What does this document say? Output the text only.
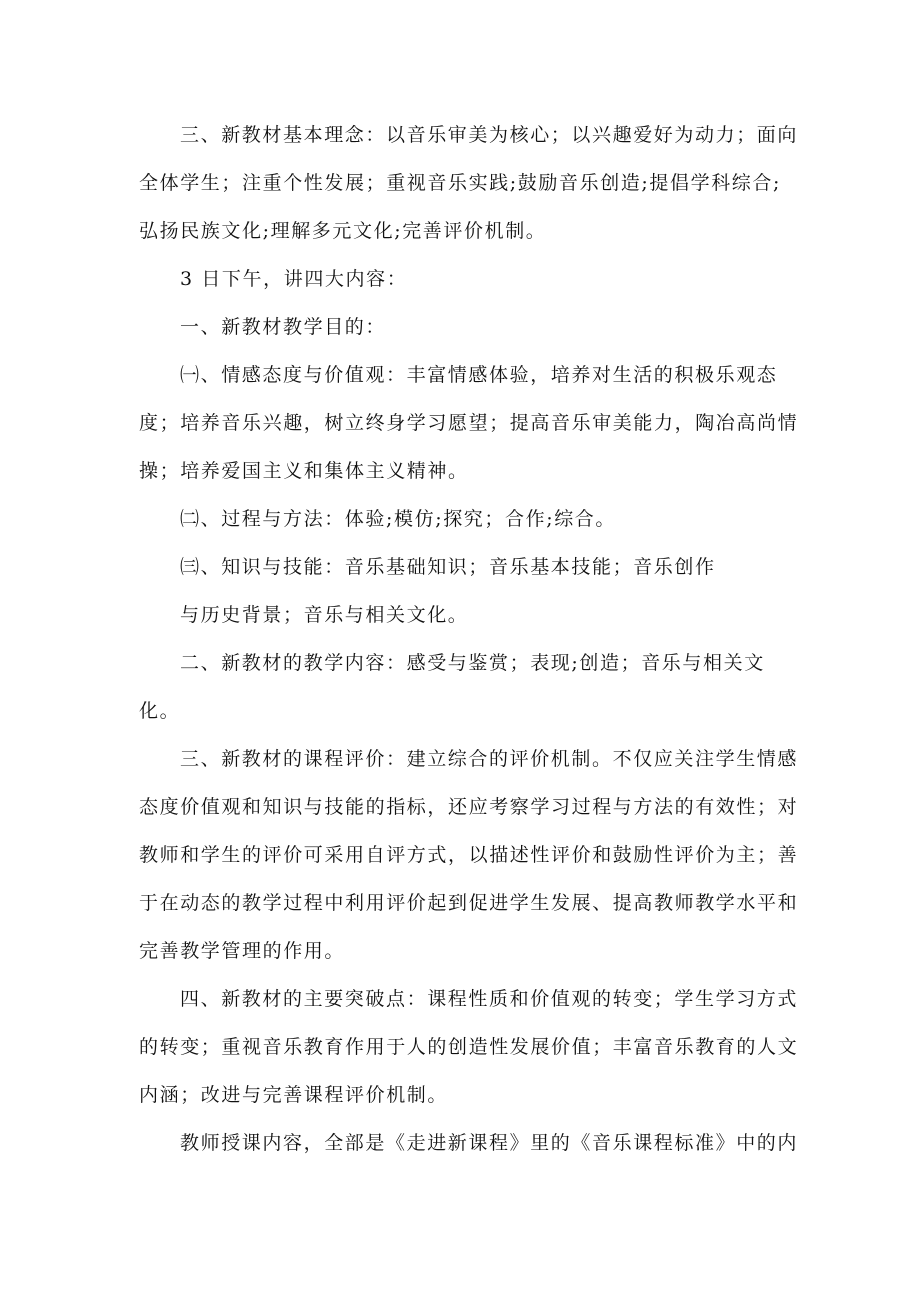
三、新教材基本理念：以音乐审美为核心；以兴趣爱好为动力；面向
全体学生；注重个性发展；重视音乐实践;鼓励音乐创造;提倡学科综合;
弘扬民族文化;理解多元文化;完善评价机制。
3 日下午，讲四大内容：
一、新教材教学目的：
㈠、情感态度与价值观：丰富情感体验，培养对生活的积极乐观态
度；培养音乐兴趣，树立终身学习愿望；提高音乐审美能力，陶冶高尚情
操；培养爱国主义和集体主义精神。
㈡、过程与方法：体验;模仿;探究；合作;综合。
㈢、知识与技能：音乐基础知识；音乐基本技能；音乐创作
与历史背景；音乐与相关文化。
二、新教材的教学内容：感受与鉴赏；表现;创造；音乐与相关文
化。
三、新教材的课程评价：建立综合的评价机制。不仅应关注学生情感
态度价值观和知识与技能的指标，还应考察学习过程与方法的有效性；对
教师和学生的评价可采用自评方式，以描述性评价和鼓励性评价为主；善
于在动态的教学过程中利用评价起到促进学生发展、提高教师教学水平和
完善教学管理的作用。
四、新教材的主要突破点：课程性质和价值观的转变；学生学习方式
的转变；重视音乐教育作用于人的创造性发展价值；丰富音乐教育的人文
内涵；改进与完善课程评价机制。
教师授课内容，全部是《走进新课程》里的《音乐课程标准》中的内
